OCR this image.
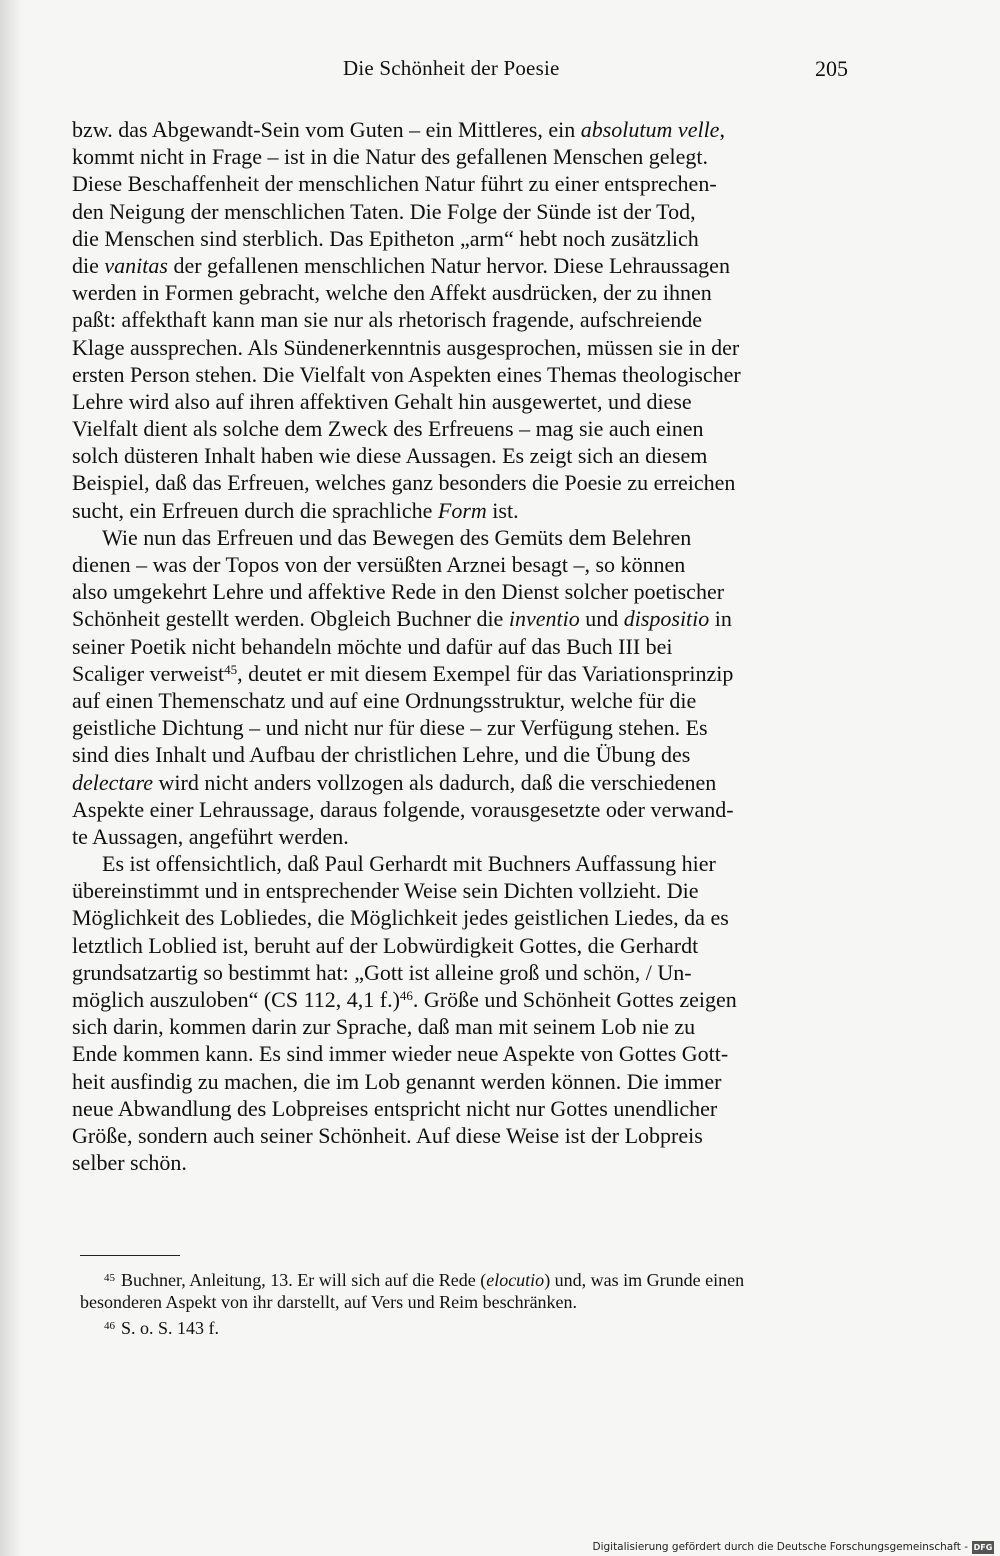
Die Schönheit der Poesie	205
bzw. das Abgewandt-Sein vom Guten – ein Mittleres, ein absolutum velle,
kommt nicht in Frage – ist in die Natur des gefallenen Menschen gelegt.
Diese Beschaffenheit der menschlichen Natur führt zu einer entsprechen-
den Neigung der menschlichen Taten. Die Folge der Sünde ist der Tod,
die Menschen sind sterblich. Das Epitheton „arm“ hebt noch zusätzlich
die vanitas der gefallenen menschlichen Natur hervor. Diese Lehraussagen
werden in Formen gebracht, welche den Affekt ausdrücken, der zu ihnen
paßt: affekthaft kann man sie nur als rhetorisch fragende, aufschreiende
Klage aussprechen. Als Sündenerkenntnis ausgesprochen, müssen sie in der
ersten Person stehen. Die Vielfalt von Aspekten eines Themas theologischer
Lehre wird also auf ihren affektiven Gehalt hin ausgewertet, und diese
Vielfalt dient als solche dem Zweck des Erfreuens – mag sie auch einen
solch düsteren Inhalt haben wie diese Aussagen. Es zeigt sich an diesem
Beispiel, daß das Erfreuen, welches ganz besonders die Poesie zu erreichen
sucht, ein Erfreuen durch die sprachliche Form ist.
Wie nun das Erfreuen und das Bewegen des Gemüts dem Belehren
dienen – was der Topos von der versüßten Arznei besagt –, so können
also umgekehrt Lehre und affektive Rede in den Dienst solcher poetischer
Schönheit gestellt werden. Obgleich Buchner die inventio und dispositio in
seiner Poetik nicht behandeln möchte und dafür auf das Buch III bei
Scaliger verweist$^{45}$, deutet er mit diesem Exempel für das Variationsprinzip
auf einen Themenschatz und auf eine Ordnungsstruktur, welche für die
geistliche Dichtung – und nicht nur für diese – zur Verfügung stehen. Es
sind dies Inhalt und Aufbau der christlichen Lehre, und die Übung des
delectare wird nicht anders vollzogen als dadurch, daß die verschiedenen
Aspekte einer Lehraussage, daraus folgende, vorausgesetzte oder verwand-
te Aussagen, angeführt werden.
Es ist offensichtlich, daß Paul Gerhardt mit Buchners Auffassung hier
übereinstimmt und in entsprechender Weise sein Dichten vollzieht. Die
Möglichkeit des Lobliedes, die Möglichkeit jedes geistlichen Liedes, da es
letztlich Loblied ist, beruht auf der Lobwürdigkeit Gottes, die Gerhardt
grundsatzartig so bestimmt hat: „Gott ist alleine groß und schön, / Un-
möglich auszuloben“ (CS 112, 4,1 f.)$^{46}$. Größe und Schönheit Gottes zeigen
sich darin, kommen darin zur Sprache, daß man mit seinem Lob nie zu
Ende kommen kann. Es sind immer wieder neue Aspekte von Gottes Gott-
heit ausfindig zu machen, die im Lob genannt werden können. Die immer
neue Abwandlung des Lobpreises entspricht nicht nur Gottes unendlicher
Größe, sondern auch seiner Schönheit. Auf diese Weise ist der Lobpreis
selber schön.
$^{45}$ Buchner, Anleitung, 13. Er will sich auf die Rede (elocutio) und, was im Grunde einen
besonderen Aspekt von ihr darstellt, auf Vers und Reim beschränken.
$^{46}$ S. o. S. 143 f.
Digitalisierung gefördert durch die Deutsche Forschungsgemeinschaft - DFG
